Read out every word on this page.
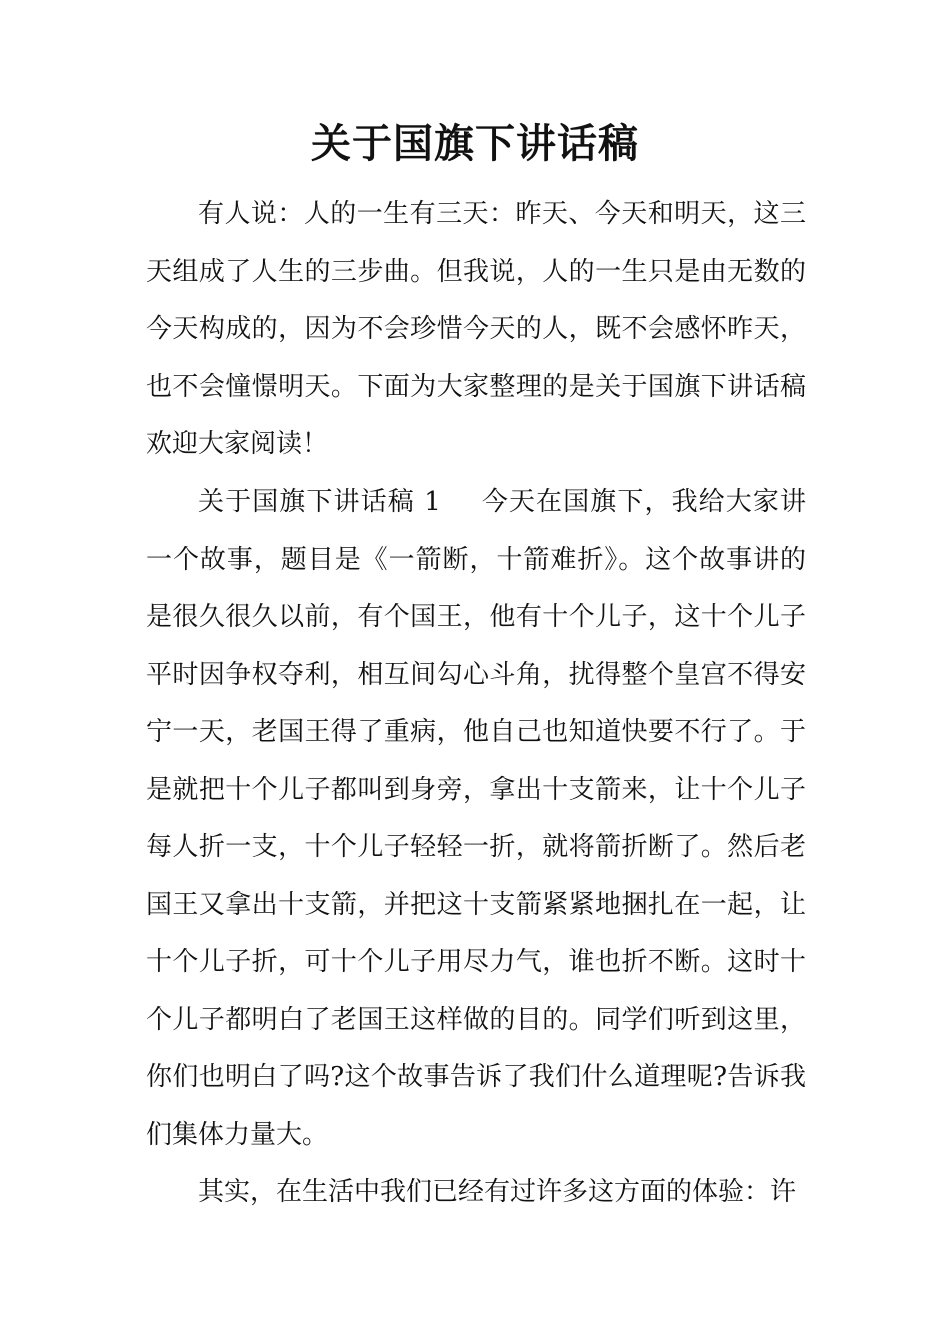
关于国旗下讲话稿

有人说：人的一生有三天：昨天、今天和明天，这三天组成了人生的三步曲。但我说，人的一生只是由无数的今天构成的，因为不会珍惜今天的人，既不会感怀昨天，也不会憧憬明天。下面为大家整理的是关于国旗下讲话稿欢迎大家阅读！

关于国旗下讲话稿 1 今天在国旗下，我给大家讲一个故事，题目是《一箭断，十箭难折》。这个故事讲的是很久很久以前，有个国王，他有十个儿子，这十个儿子平时因争权夺利，相互间勾心斗角，扰得整个皇宫不得安宁一天，老国王得了重病，他自己也知道快要不行了。于是就把十个儿子都叫到身旁，拿出十支箭来，让十个儿子每人折一支，十个儿子轻轻一折，就将箭折断了。然后老国王又拿出十支箭，并把这十支箭紧紧地捆扎在一起，让十个儿子折，可十个儿子用尽力气，谁也折不断。这时十个儿子都明白了老国王这样做的目的。同学们听到这里，你们也明白了吗?这个故事告诉了我们什么道理呢?告诉我们集体力量大。

其实，在生活中我们已经有过许多这方面的体验：许
